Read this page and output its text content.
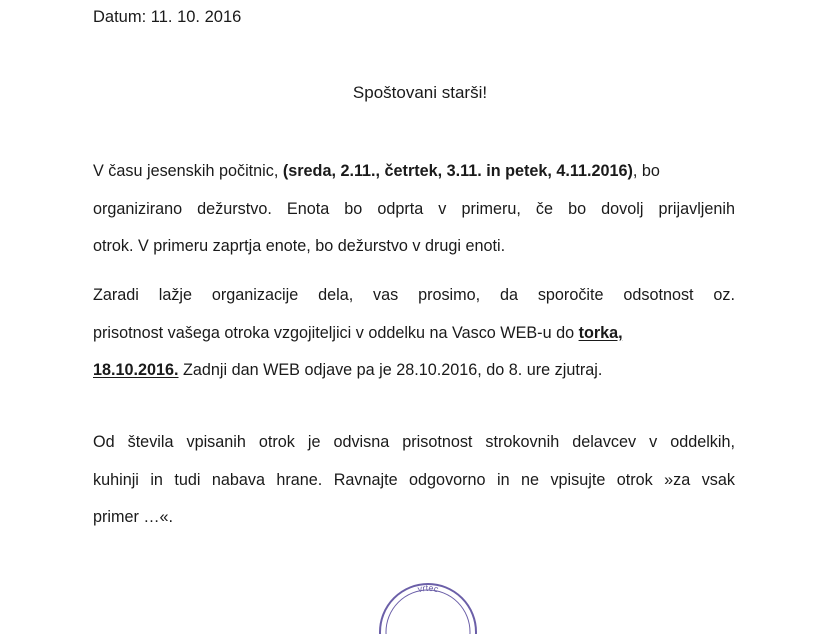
Datum: 11. 10. 2016
Spoštovani starši!
V času jesenskih počitnic, (sreda, 2.11., četrtek, 3.11. in petek, 4.11.2016), bo
organizirano dežurstvo. Enota bo odprta v primeru, če bo dovolj prijavljenih
otrok. V primeru zaprtja enote, bo dežurstvo v drugi enoti.
Zaradi lažje organizacije dela, vas prosimo, da sporočite odsotnost oz.
prisotnost vašega otroka vzgojiteljici v oddelku na Vasco WEB-u do torka,
18.10.2016. Zadnji dan WEB odjave pa je 28.10.2016, do 8. ure zjutraj.
Od števila vpisanih otrok je odvisna prisotnost strokovnih delavcev v oddelkih,
kuhinji in tudi nabava hrane. Ravnajte odgovorno in ne vpisujte otrok »za vsak
primer …«.
vrtec
